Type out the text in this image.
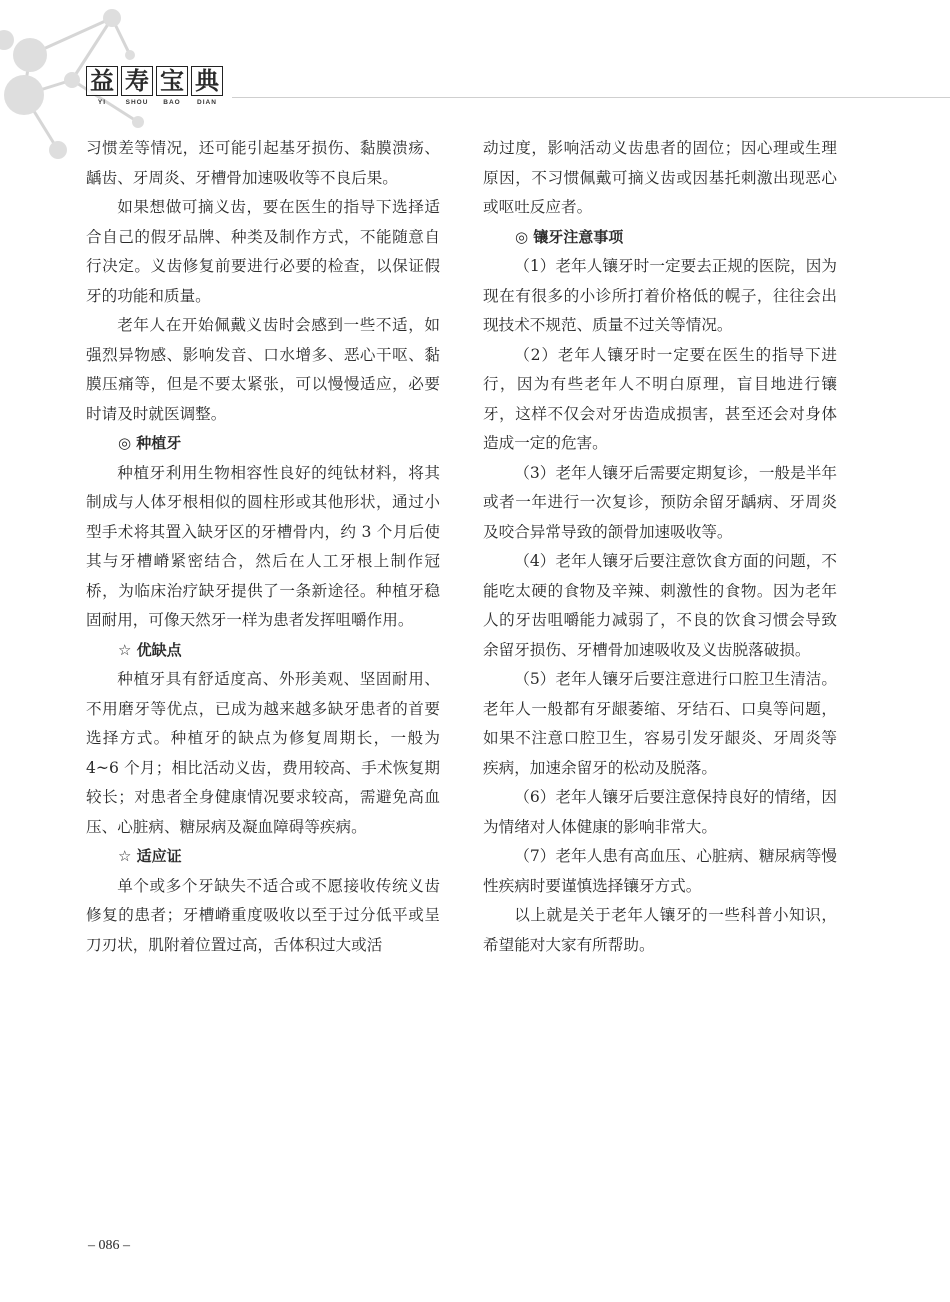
益 寿 宝 典
YI	SHOU	BAO	DIAN

习惯差等情况，还可能引起基牙损伤、黏膜溃疡、龋齿、牙周炎、牙槽骨加速吸收等不良后果。

如果想做可摘义齿，要在医生的指导下选择适合自己的假牙品牌、种类及制作方式，不能随意自行决定。义齿修复前要进行必要的检查，以保证假牙的功能和质量。

老年人在开始佩戴义齿时会感到一些不适，如强烈异物感、影响发音、口水增多、恶心干呕、黏膜压痛等，但是不要太紧张，可以慢慢适应，必要时请及时就医调整。

◎ 种植牙

种植牙利用生物相容性良好的纯钛材料，将其制成与人体牙根相似的圆柱形或其他形状，通过小型手术将其置入缺牙区的牙槽骨内，约 3 个月后使其与牙槽嵴紧密结合，然后在人工牙根上制作冠桥，为临床治疗缺牙提供了一条新途径。种植牙稳固耐用，可像天然牙一样为患者发挥咀嚼作用。

☆ 优缺点

种植牙具有舒适度高、外形美观、坚固耐用、不用磨牙等优点，已成为越来越多缺牙患者的首要选择方式。种植牙的缺点为修复周期长，一般为 4~6 个月；相比活动义齿，费用较高、手术恢复期较长；对患者全身健康情况要求较高，需避免高血压、心脏病、糖尿病及凝血障碍等疾病。

☆ 适应证

单个或多个牙缺失不适合或不愿接收传统义齿修复的患者；牙槽嵴重度吸收以至于过分低平或呈刀刃状，肌附着位置过高，舌体积过大或活

动过度，影响活动义齿患者的固位；因心理或生理原因，不习惯佩戴可摘义齿或因基托刺激出现恶心或呕吐反应者。

◎ 镶牙注意事项

（1）老年人镶牙时一定要去正规的医院，因为现在有很多的小诊所打着价格低的幌子，往往会出现技术不规范、质量不过关等情况。

（2）老年人镶牙时一定要在医生的指导下进行，因为有些老年人不明白原理，盲目地进行镶牙，这样不仅会对牙齿造成损害，甚至还会对身体造成一定的危害。

（3）老年人镶牙后需要定期复诊，一般是半年或者一年进行一次复诊，预防余留牙龋病、牙周炎及咬合异常导致的颌骨加速吸收等。

（4）老年人镶牙后要注意饮食方面的问题，不能吃太硬的食物及辛辣、刺激性的食物。因为老年人的牙齿咀嚼能力减弱了，不良的饮食习惯会导致余留牙损伤、牙槽骨加速吸收及义齿脱落破损。

（5）老年人镶牙后要注意进行口腔卫生清洁。老年人一般都有牙龈萎缩、牙结石、口臭等问题，如果不注意口腔卫生，容易引发牙龈炎、牙周炎等疾病，加速余留牙的松动及脱落。

（6）老年人镶牙后要注意保持良好的情绪，因为情绪对人体健康的影响非常大。

（7）老年人患有高血压、心脏病、糖尿病等慢性疾病时要谨慎选择镶牙方式。

以上就是关于老年人镶牙的一些科普小知识，希望能对大家有所帮助。

– 086 –
